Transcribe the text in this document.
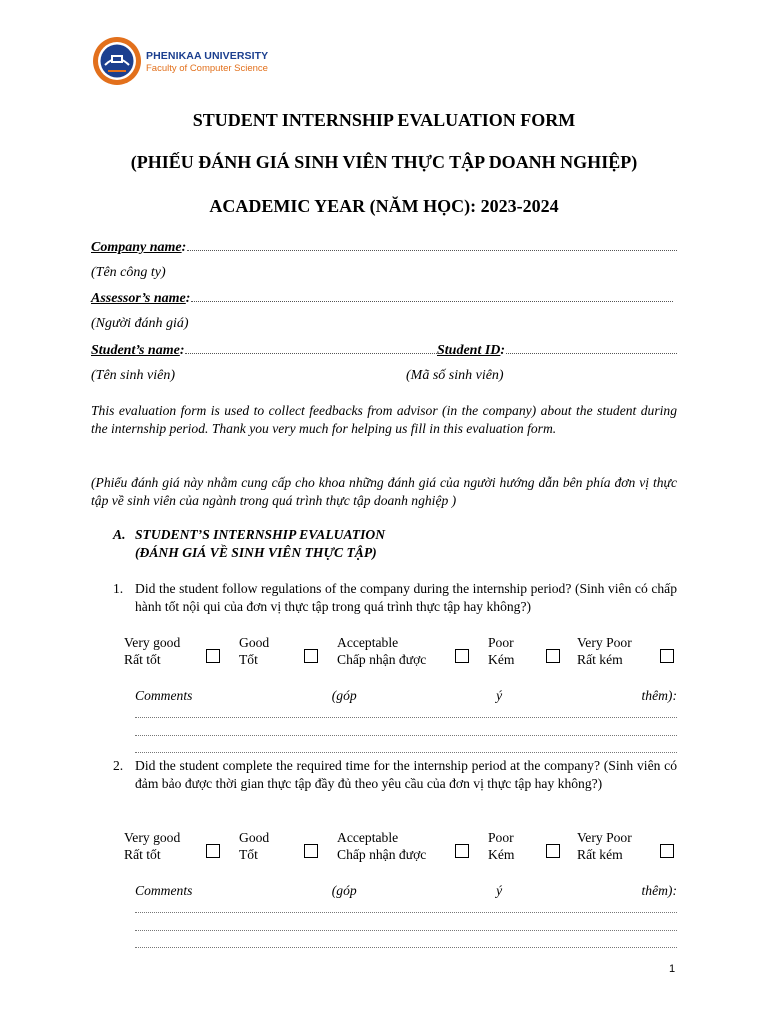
PHENIKAA UNIVERSITY
Faculty of Computer Science
STUDENT INTERNSHIP EVALUATION FORM
(PHIẾU ĐÁNH GIÁ SINH VIÊN THỰC TẬP DOANH NGHIỆP)
ACADEMIC YEAR (NĂM HỌC): 2023-2024
Company name :
(Tên công ty)
Assessor’s name :
(Người đánh giá)
Student’s name :	Student ID :
(Tên sinh viên)	(Mã số sinh viên)
This evaluation form is used to collect feedbacks from advisor (in the company) about the student during the internship period. Thank you very much for helping us fill in this evaluation form.
(Phiếu đánh giá này nhằm cung cấp cho khoa những đánh giá của người hướng dẫn bên phía đơn vị thực tập về sinh viên của ngành trong quá trình thực tập doanh nghiệp )
A. STUDENT’S INTERNSHIP EVALUATION
(ĐÁNH GIÁ VỀ SINH VIÊN THỰC TẬP)
1. Did the student follow regulations of the company during the internship period? (Sinh viên có chấp hành tốt nội qui của đơn vị thực tập trong quá trình thực tập hay không?)
Very good
Rất tốt
Good
Tốt
Acceptable
Chấp nhận được
Poor
Kém
Very Poor
Rất kém
Comments	(góp	ý	thêm):
2. Did the student complete the required time for the internship period at the company? (Sinh viên có đảm bảo được thời gian thực tập đầy đủ theo yêu cầu của đơn vị thực tập hay không?)
Very good
Rất tốt
Good
Tốt
Acceptable
Chấp nhận được
Poor
Kém
Very Poor
Rất kém
Comments	(góp	ý	thêm):
1
